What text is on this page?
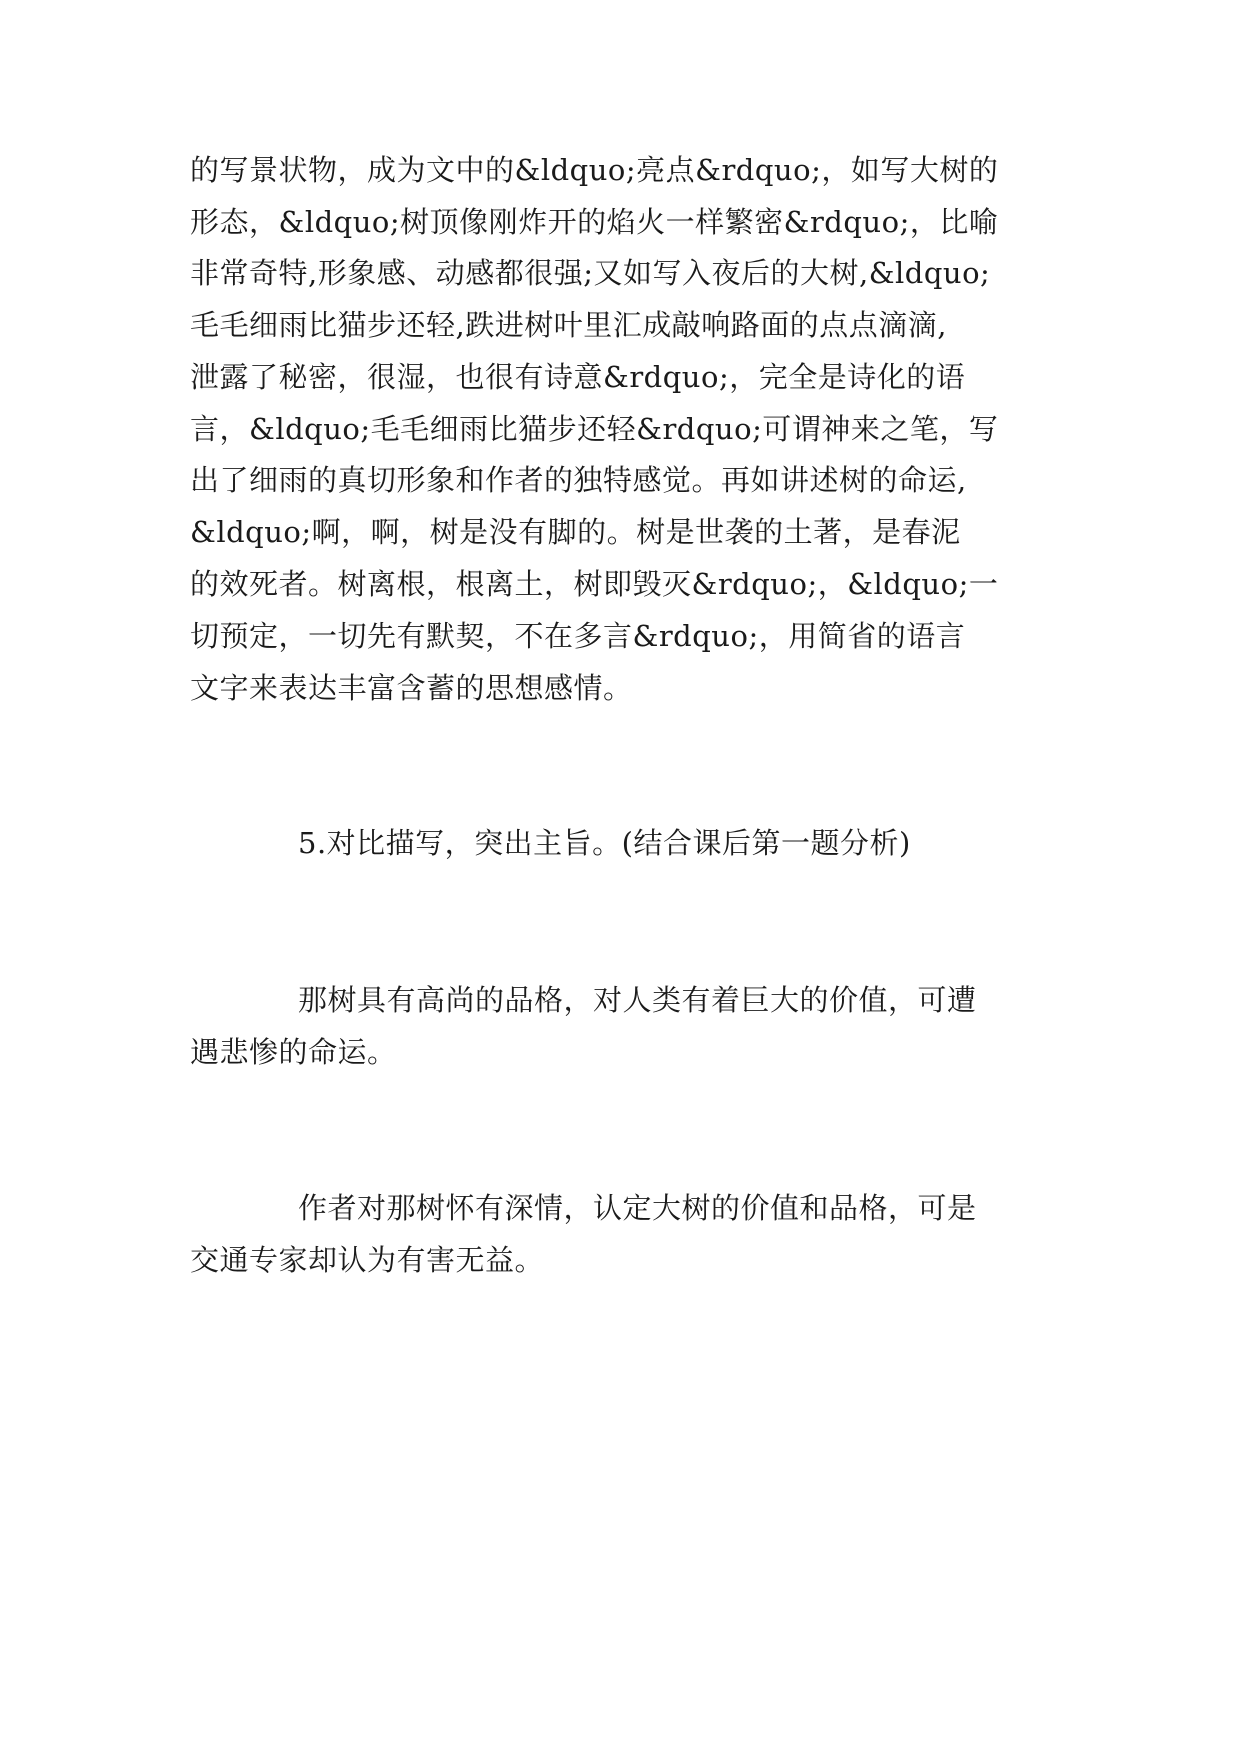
的写景状物，成为文中的&ldquo;亮点&rdquo;，如写大树的
形态，&ldquo;树顶像刚炸开的焰火一样繁密&rdquo;，比喻
非常奇特,形象感、动感都很强;又如写入夜后的大树,&ldquo;
毛毛细雨比猫步还轻,跌进树叶里汇成敲响路面的点点滴滴,
泄露了秘密，很湿，也很有诗意&rdquo;，完全是诗化的语
言，&ldquo;毛毛细雨比猫步还轻&rdquo;可谓神来之笔，写
出了细雨的真切形象和作者的独特感觉。再如讲述树的命运,
&ldquo;啊，啊，树是没有脚的。树是世袭的土著，是春泥
的效死者。树离根，根离土，树即毁灭&rdquo;，&ldquo;一
切预定，一切先有默契，不在多言&rdquo;，用简省的语言
文字来表达丰富含蓄的思想感情。
5.对比描写，突出主旨。(结合课后第一题分析)
那树具有高尚的品格，对人类有着巨大的价值，可遭
遇悲惨的命运。
作者对那树怀有深情，认定大树的价值和品格，可是
交通专家却认为有害无益。
